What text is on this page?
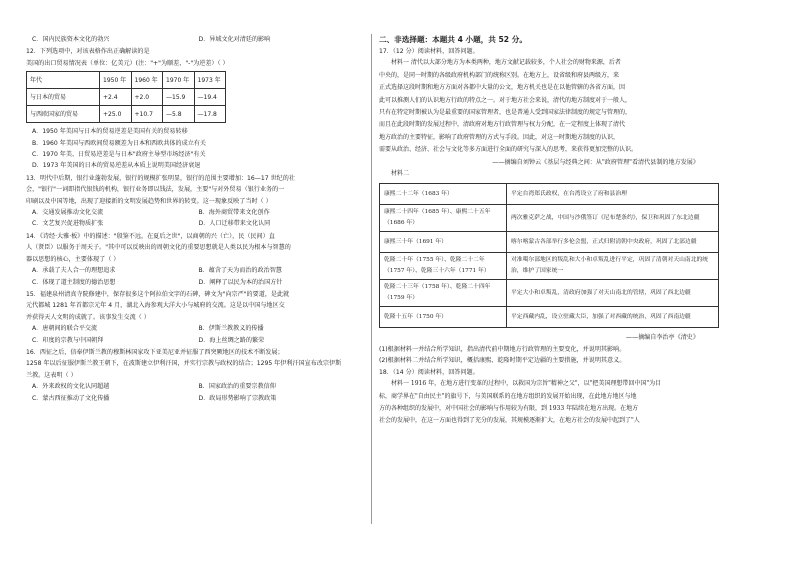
C．国内民族资本文化的勃兴	D．异域文化对清廷的影响
12．下列选项中，对该表格作出正确解读的是
美国的出口贸易情况表（单位：亿美元）(注："+"为顺差，"-"为逆差）（ ）
年代	1950 年	1960 年	1970 年	1973 年
与日本的贸易	+2.4	+2.0	—15.9	—19.4
与西欧国家的贸易	+25.0	+10.7	—5.8	—17.8
A．1950 年美国与日本的贸易逆差是美国有关的贸易转移
B．1960 年美国与西欧间贸易额差为日本和西欧共体的成立有关
C．1970 年美、日贸易逆差是与日本"政府主导型市场经济"有关
D．1973 年美国的日本的贸易逆差从本质上说明美国经济衰退
13．明代中后期，银行业蓬勃发展，银行的规模扩张明显，银行的范围主要增加：16—17 世纪的社
会，"银行"一词即指代银钱的机构，银行业务即以钱法，发展，主要"与对外贸易（银行业务的一
印刷以及中国等地，出现了迎接新的文明发展趋势和世界的转变。这一现象反映了当时（ ）
A．交通发展推动文化交流	B．海外商贸带来文化创作
C．文艺复兴促进物质扩张	D．人口迁移带来文化认同
14．《诗经·大雅·板》中的描述："殷鉴不远，在夏后之世"，以商朝的兴（亡），民（民间）直
人（贤臣）以服务于周天子。"其中可以反映出的周朝文化的重要思想就是人类以民为根本与智慧的
器以思想的核心，主要体现了（ ）
A．承载了夫人合一的理想追求	B．蕴含了天为而治的政治智慧
C．体现了道主制度的德治思想	D．阐释了以民为本的治国方针
15．福建泉州清真寺院修建中，保存很多这个阿拉伯文字的石碑，碑文为"向宗严"的要道，是此就
元代都城 1281 年首都宗元年 4 月，湖北入海参观大洋大小与城府的交流。这是以中国与地区交
并获得天人文明的成就了。该事发生交流（ ）
A．唐朝间的联合平交流	B．伊斯兰教教义的传播
C．印度的宗教与中国朝拜	D．海上丝绸之路的繁荣
16．西征之后，信奉伊斯兰教的穆斯林国家攻下亚美尼亚并征服了西突厥地区的技术不断发展；
1258 年以后征服伊斯兰教王朝下，在波斯建立伊利汗国，并实行宗教与政权的结合；1295 年伊利汗国宣布改宗伊斯
兰教。这表明（ ）
A．外来政权的文化认同超越	B．国家政治的重要宗教信仰
C．蒙古西征推动了文化传播	D．政局形势影响了宗教政策
二、非选择题：本题共 4 小题，共 52 分。
17．（12 分）阅读材料，回答问题。
材料一 清代以大部分地方为本类两种，地方文献记载较多，个人社会的财物来源，后者
中央的，是同一时期的各级政府机构部门的统称区别。在地方上，设省级和府县两级方，来
正式选择这段时期和地方方面对各都中大量的公文，地方机关也是在以他管辖的各省方面，因
此可以推测人们的认识地方行政的特点之一。对于地方社会来说，清代的地方制度对于一般人，
只有在特定时期被认为是最重要的国家管理者，也是普通人受到国家法律制度的规定与管理的，
而且在此段时期的发展过程中，清政府对地方行政管理与权力分配，在一定程度上体现了清代
地方政治的主要特征，影响了政府管理的方式与手段。因此，对这一时期地方制度的认识，
需要从政治、经济、社会与文化等多方面进行全面的研究与深入的思考，来获得更加完整的认识。
——摘编自刘钟云《基层与经典之间：从"政府管理"看清代县制的地方发展》
材料二
康熙二十二年（1683 年）	平定台湾郑氏政权，在台湾设立了府和县治理
康熙二十四年（1685 年）、康熙二十五年（1686 年）	两次雅克萨之战，中国与沙俄签订《尼布楚条约》，保卫和巩固了东北边疆
康熙三十年（1691 年）	喀尔喀蒙古各部举行多伦会盟，正式归附清朝中央政府，巩固了北部边疆
乾隆二十年（1755 年）、乾隆二十二年（1757 年）、乾隆三十六年（1771 年）	对准噶尔部地区的叛乱和大小和卓叛乱进行平定，巩固了清朝对天山南北的统治，维护了国家统一
乾隆二十三年（1758 年）、乾隆二十四年（1759 年）	平定大小和卓叛乱，清政府加强了对天山南北的管辖，巩固了西北边疆
乾隆十五年（1750 年）	平定西藏内乱，设立驻藏大臣，加强了对西藏的统治，巩固了西南边疆
——摘编自李治亭《清史》
(1)根据材料一并结合所学知识，指出清代前中期地方行政管理的主要变化，并说明其影响。
(2)根据材料二并结合所学知识，概括康熙、乾隆时期平定边疆的主要措施，并说明其意义。
18．（14 分）阅读材料，回答问题。
材料一 1916 年，在地方进行变革的过程中，以救国为宗旨"精神之父"，以"把美国理想带回中国"为目
标，商学界在"自由民主"的旗号下，与美国联系的在地方组织的发展开始出现，在此地方地区与地
方的各种组织的发展中，对中国社会的影响与作用较为有限，到 1933 年陆续在地方出现。在地方
社会的发展中，在这一方面也得到了充分的发展，其规模逐渐扩大，在地方社会的发展中起到了"人
